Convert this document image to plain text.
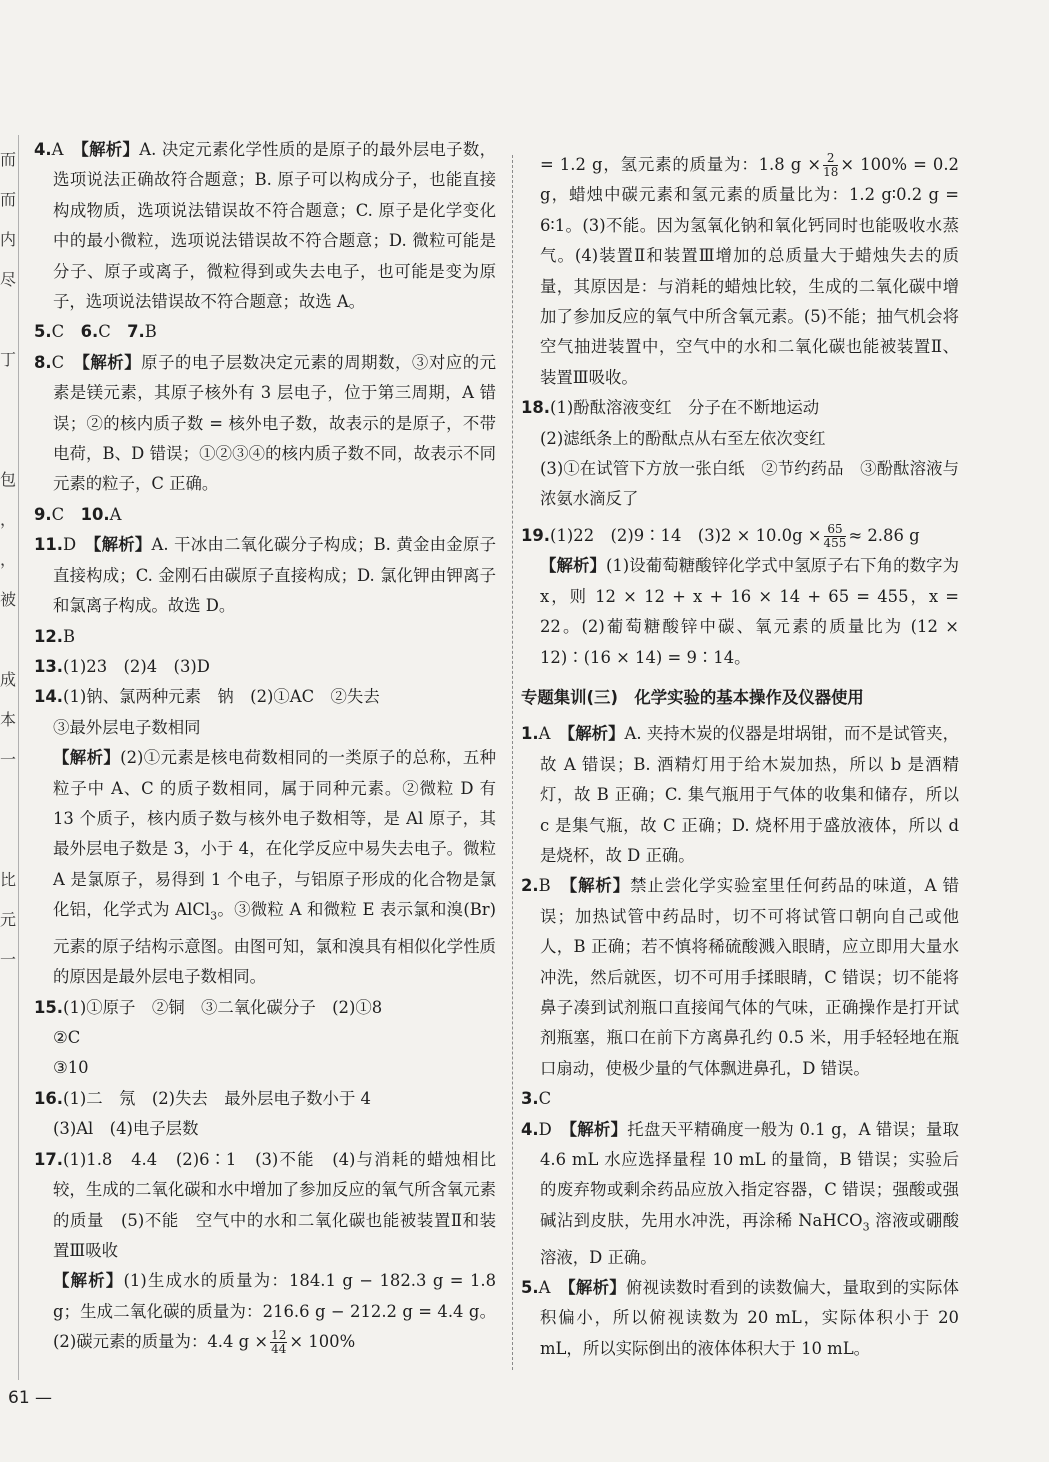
而
而
内
尽
丁
包
，
，
被
成
本
一
比
元
一

4.A　 【解析】A. 决定元素化学性质的是原子的最外层电子数，选项说法正确故符合题意；B. 原子可以构成分子，也能直接构成物质，选项说法错误故不符合题意；C. 原子是化学变化中的最小微粒，选项说法错误故不符合题意；D. 微粒可能是分子、原子或离子，微粒得到或失去电子，也可能是变为原子，选项说法错误故不符合题意；故选 A。

5.C　 6.C　 7.B

8.C　 【解析】原子的电子层数决定元素的周期数，③对应的元素是镁元素，其原子核外有 3 层电子，位于第三周期，A 错误；②的核内质子数 = 核外电子数，故表示的是原子，不带电荷，B、D 错误；①②③④的核内质子数不同，故表示不同元素的粒子，C 正确。

9.C　 10.A

11.D　 【解析】A. 干冰由二氧化碳分子构成；B. 黄金由金原子直接构成；C. 金刚石由碳原子直接构成；D. 氯化钾由钾离子和氯离子构成。故选 D。

12.B

13.(1)23　(2)4　(3)D

14.(1)钠、氯两种元素　钠　(2)①AC　②失去

③最外层电子数相同

【解析】(2)①元素是核电荷数相同的一类原子的总称，五种粒子中 A、C 的质子数相同，属于同种元素。②微粒 D 有 13 个质子，核内质子数与核外电子数相等，是 Al 原子，其最外层电子数是 3，小于 4，在化学反应中易失去电子。微粒 A 是氯原子，易得到 1 个电子，与铝原子形成的化合物是氯化铝，化学式为 AlCl$_3$。③微粒 A 和微粒 E 表示氯和溴(Br)元素的原子结构示意图。由图可知，氯和溴具有相似化学性质的原因是最外层电子数相同。

15.(1)①原子　②铜　③二氧化碳分子　(2)①8

②C

③10

16.(1)二　氖　(2)失去　最外层电子数小于 4

(3)Al　(4)电子层数

17.(1)1.8　4.4　(2)6∶1　(3)不能　(4)与消耗的蜡烛相比较，生成的二氧化碳和水中增加了参加反应的氧气所含氧元素的质量　(5)不能　空气中的水和二氧化碳也能被装置Ⅱ和装置Ⅲ吸收

【解析】(1)生成水的质量为：184.1 g − 182.3 g = 1.8 g；生成二氧化碳的质量为：216.6 g − 212.2 g = 4.4 g。(2)碳元素的质量为：4.4 $g \times \frac{12}{44} \times 100\%$

= 1.2 g，氢元素的质量为：1.8 $g \times \frac{2}{18} \times 100\% = 0.2$ g，蜡烛中碳元素和氢元素的质量比为：1.2 g∶0.2 g = 6∶1。(3)不能。因为氢氧化钠和氧化钙同时也能吸收水蒸气。(4)装置Ⅱ和装置Ⅲ增加的总质量大于蜡烛失去的质量，其原因是：与消耗的蜡烛比较，生成的二氧化碳中增加了参加反应的氧气中所含氧元素。(5)不能；抽气机会将空气抽进装置中，空气中的水和二氧化碳也能被装置Ⅱ、装置Ⅲ吸收。

18.(1)酚酞溶液变红　分子在不断地运动

(2)滤纸条上的酚酞点从右至左依次变红

(3)①在试管下方放一张白纸　②节约药品　③酚酞溶液与浓氨水滴反了

19.(1)22　(2)9∶14　$(3)2 \times 10.0g \times \frac{65}{455} \approx 2.86$ g

【解析】(1)设葡萄糖酸锌化学式中氢原子右下角的数字为 x，则 12 × 12 + x + 16 × 14 + 65 = 455，x = 22。(2)葡萄糖酸锌中碳、氧元素的质量比为 (12 × 12)∶(16 × 14) = 9∶14。

专题集训(三)　化学实验的基本操作及仪器使用

1.A　 【解析】A. 夹持木炭的仪器是坩埚钳，而不是试管夹，故 A 错误；B. 酒精灯用于给木炭加热，所以 b 是酒精灯，故 B 正确；C. 集气瓶用于气体的收集和储存，所以 c 是集气瓶，故 C 正确；D. 烧杯用于盛放液体，所以 d 是烧杯，故 D 正确。

2.B　 【解析】禁止尝化学实验室里任何药品的味道，A 错误；加热试管中药品时，切不可将试管口朝向自己或他人，B 正确；若不慎将稀硫酸溅入眼睛，应立即用大量水冲洗，然后就医，切不可用手揉眼睛，C 错误；切不能将鼻子凑到试剂瓶口直接闻气体的气味，正确操作是打开试剂瓶塞，瓶口在前下方离鼻孔约 0.5 米，用手轻轻地在瓶口扇动，使极少量的气体飘进鼻孔，D 错误。

3.C

4.D　 【解析】托盘天平精确度一般为 0.1 g，A 错误；量取 4.6 mL 水应选择量程 10 mL 的量筒，B 错误；实验后的废弃物或剩余药品应放入指定容器，C 错误；强酸或强碱沾到皮肤，先用水冲洗，再涂稀 NaHCO$_3$ 溶液或硼酸溶液，D 正确。

5.A　 【解析】俯视读数时看到的读数偏大，量取到的实际体积偏小，所以俯视读数为 20 mL，实际体积小于 20 mL，所以实际倒出的液体体积大于 10 mL。

61 —
